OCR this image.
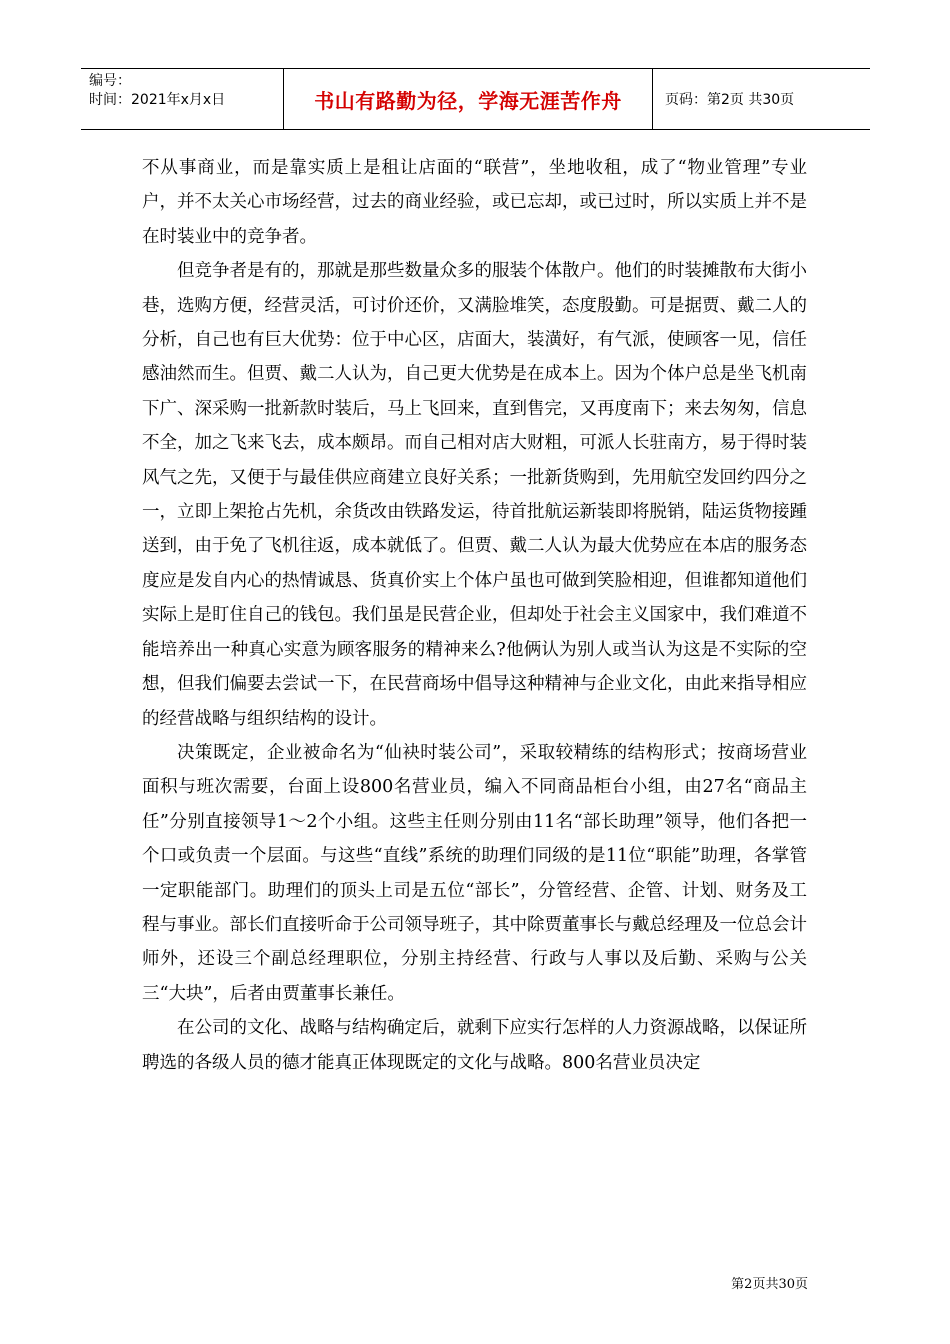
编号：
时间：2021年x月x日	书山有路勤为径，学海无涯苦作舟	页码：第2页 共30页

不从事商业，而是靠实质上是租让店面的“联营”，坐地收租，成了“物业管理”专业户，并不太关心市场经营，过去的商业经验，或已忘却，或已过时，所以实质上并不是在时装业中的竞争者。

但竞争者是有的，那就是那些数量众多的服装个体散户。他们的时装摊散布大街小巷，选购方便，经营灵活，可讨价还价，又满脸堆笑，态度殷勤。可是据贾、戴二人的分析，自己也有巨大优势：位于中心区，店面大，装潢好，有气派，使顾客一见，信任感油然而生。但贾、戴二人认为，自己更大优势是在成本上。因为个体户总是坐飞机南下广、深采购一批新款时装后，马上飞回来，直到售完，又再度南下；来去匆匆，信息不全，加之飞来飞去，成本颇昂。而自己相对店大财粗，可派人长驻南方，易于得时装风气之先，又便于与最佳供应商建立良好关系；一批新货购到，先用航空发回约四分之一，立即上架抢占先机，余货改由铁路发运，待首批航运新装即将脱销，陆运货物接踵送到，由于免了飞机往返，成本就低了。但贾、戴二人认为最大优势应在本店的服务态度应是发自内心的热情诚恳、货真价实上个体户虽也可做到笑脸相迎，但谁都知道他们实际上是盯住自己的钱包。我们虽是民营企业，但却处于社会主义国家中，我们难道不能培养出一种真心实意为顾客服务的精神来么?他俩认为别人或当认为这是不实际的空想，但我们偏要去尝试一下，在民营商场中倡导这种精神与企业文化，由此来指导相应的经营战略与组织结构的设计。

决策既定，企业被命名为“仙袂时装公司”，采取较精练的结构形式；按商场营业面积与班次需要，台面上设800名营业员，编入不同商品柜台小组，由27名“商品主任”分别直接领导1～2个小组。这些主任则分别由11名“部长助理”领导，他们各把一个口或负责一个层面。与这些“直线”系统的助理们同级的是11位“职能”助理，各掌管一定职能部门。助理们的顶头上司是五位“部长”，分管经营、企管、计划、财务及工程与事业。部长们直接听命于公司领导班子，其中除贾董事长与戴总经理及一位总会计师外，还设三个副总经理职位，分别主持经营、行政与人事以及后勤、采购与公关三“大块”，后者由贾董事长兼任。

在公司的文化、战略与结构确定后，就剩下应实行怎样的人力资源战略，以保证所聘选的各级人员的德才能真正体现既定的文化与战略。800名营业员决定

第2页共30页
